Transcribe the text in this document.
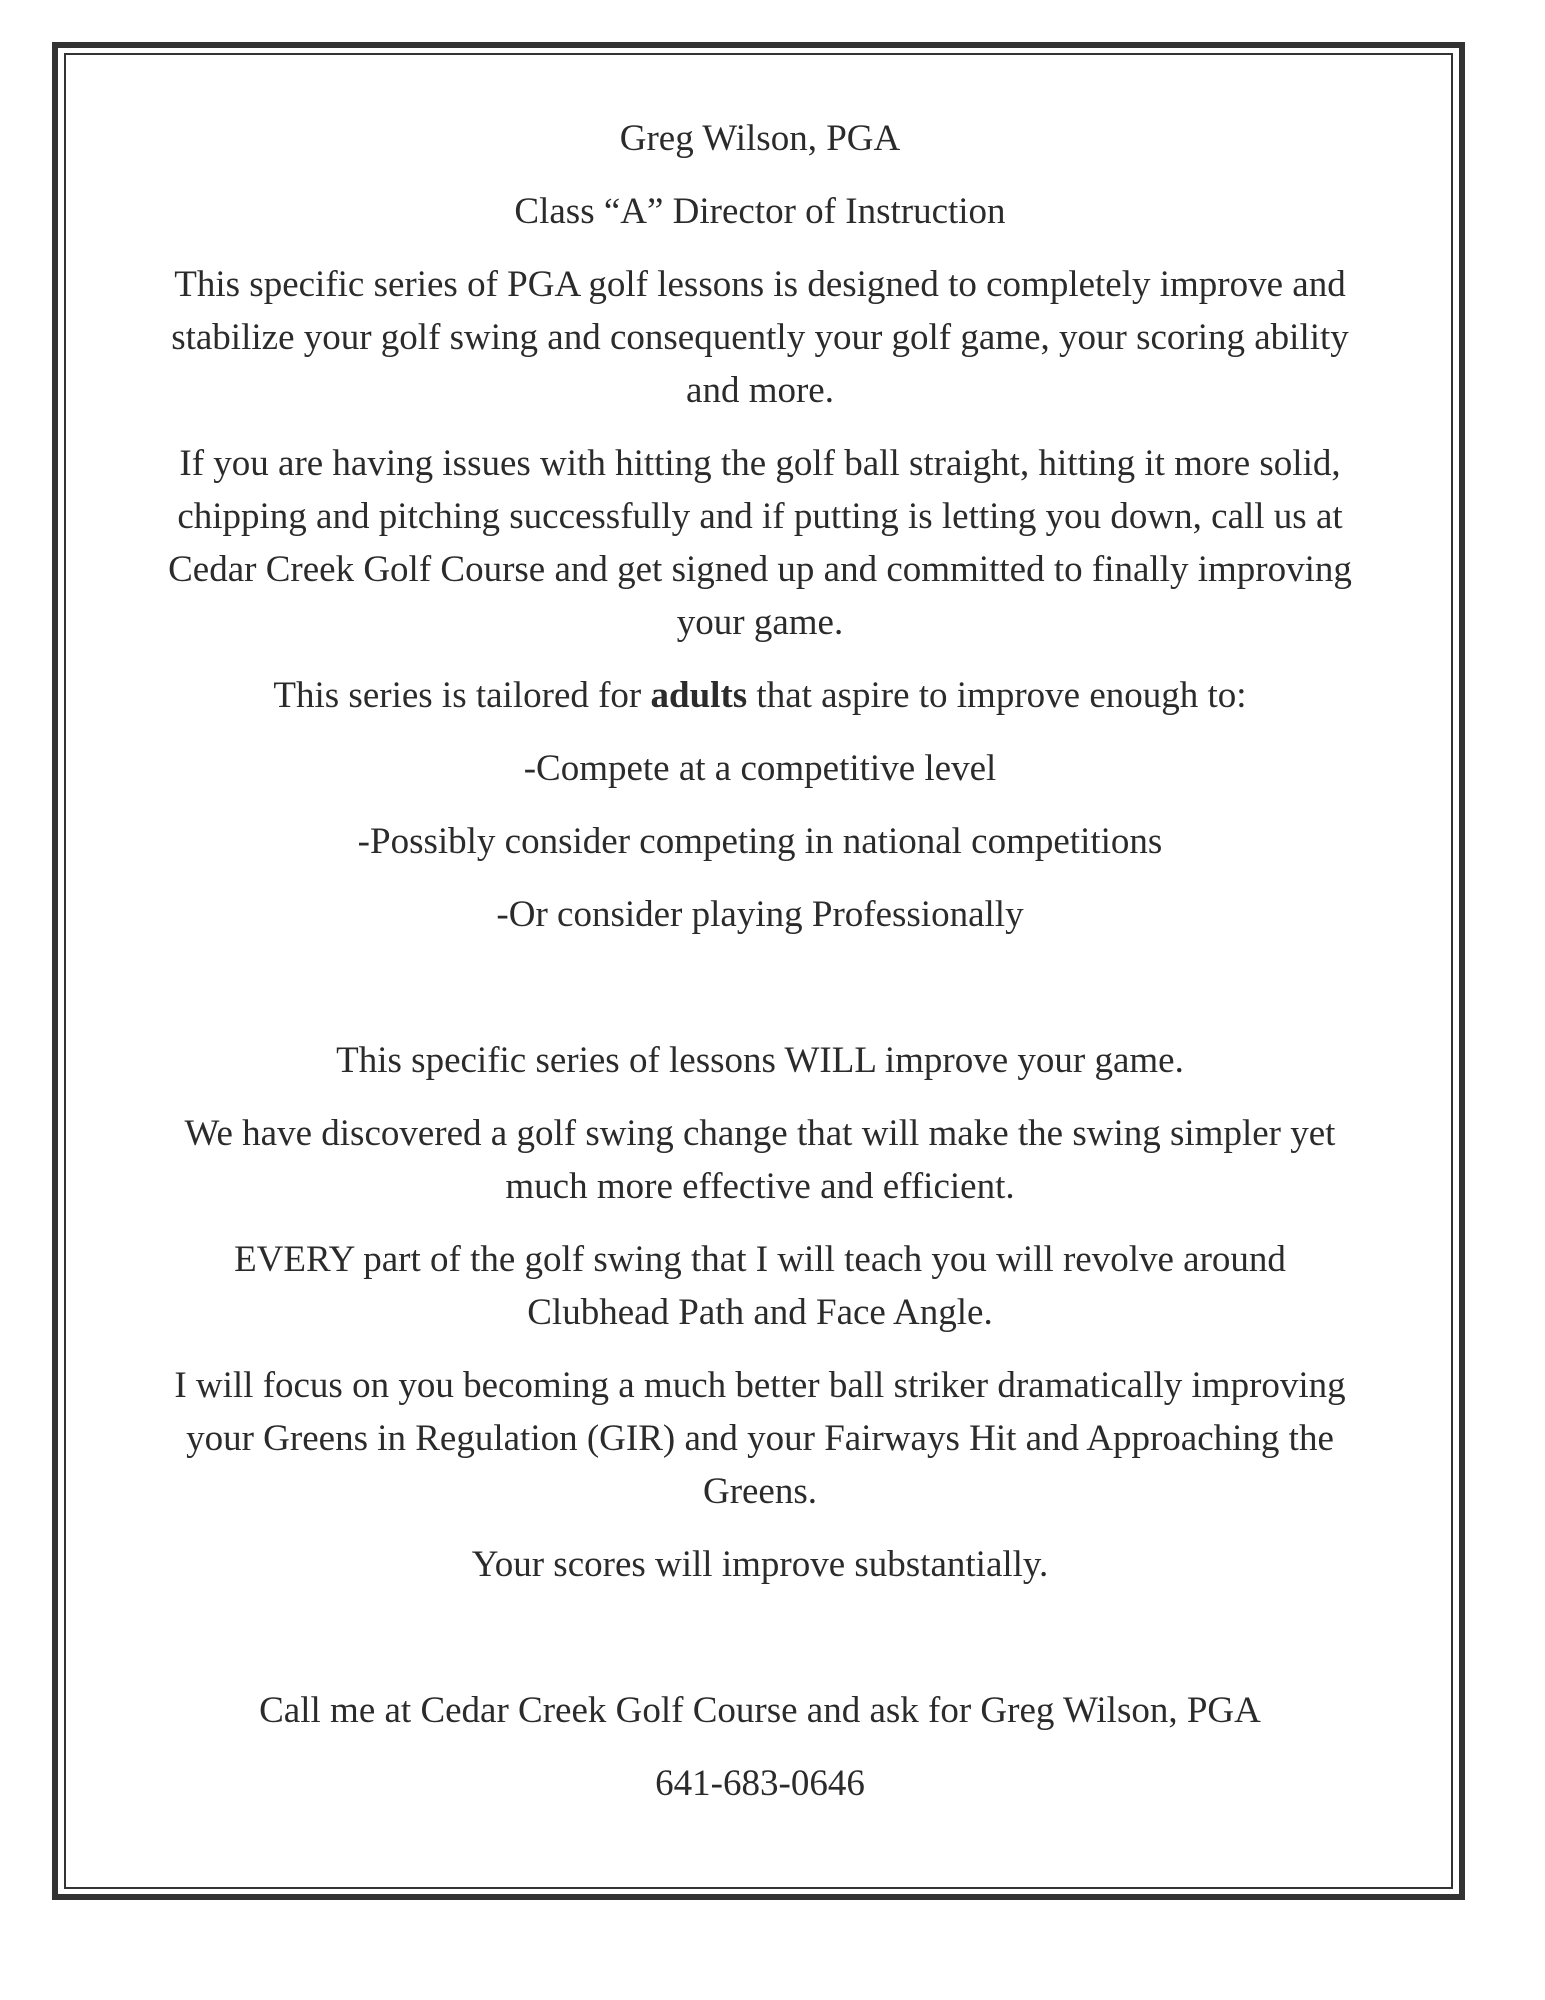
Greg Wilson, PGA

Class “A” Director of Instruction

This specific series of PGA golf lessons is designed to completely improve and stabilize your golf swing and consequently your golf game, your scoring ability and more.

If you are having issues with hitting the golf ball straight, hitting it more solid, chipping and pitching successfully and if putting is letting you down, call us at Cedar Creek Golf Course and get signed up and committed to finally improving your game.

This series is tailored for adults that aspire to improve enough to:

-Compete at a competitive level

-Possibly consider competing in national competitions

-Or consider playing Professionally

This specific series of lessons WILL improve your game.

We have discovered a golf swing change that will make the swing simpler yet much more effective and efficient.

EVERY part of the golf swing that I will teach you will revolve around Clubhead Path and Face Angle.

I will focus on you becoming a much better ball striker dramatically improving your Greens in Regulation (GIR) and your Fairways Hit and Approaching the Greens.

Your scores will improve substantially.

Call me at Cedar Creek Golf Course and ask for Greg Wilson, PGA

641-683-0646
